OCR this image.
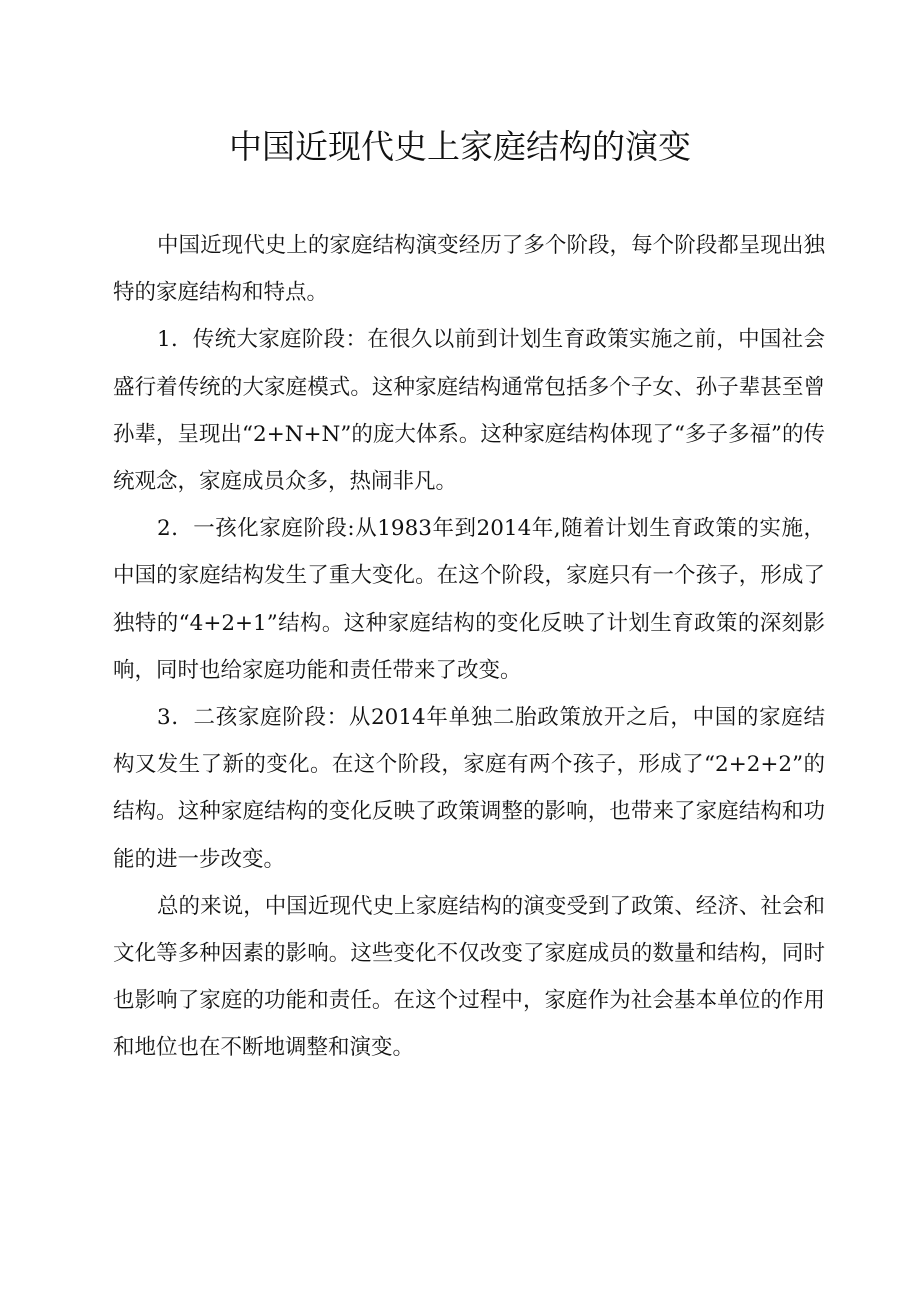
中国近现代史上家庭结构的演变

中国近现代史上的家庭结构演变经历了多个阶段，每个阶段都呈现出独特的家庭结构和特点。

1．传统大家庭阶段：在很久以前到计划生育政策实施之前，中国社会盛行着传统的大家庭模式。这种家庭结构通常包括多个子女、孙子辈甚至曾孙辈，呈现出“2+N+N”的庞大体系。这种家庭结构体现了“多子多福”的传统观念，家庭成员众多，热闹非凡。

2．一孩化家庭阶段:从1983年到2014年,随着计划生育政策的实施，中国的家庭结构发生了重大变化。在这个阶段，家庭只有一个孩子，形成了独特的“4+2+1”结构。这种家庭结构的变化反映了计划生育政策的深刻影响，同时也给家庭功能和责任带来了改变。

3．二孩家庭阶段：从2014年单独二胎政策放开之后，中国的家庭结构又发生了新的变化。在这个阶段，家庭有两个孩子，形成了“2+2+2”的结构。这种家庭结构的变化反映了政策调整的影响，也带来了家庭结构和功能的进一步改变。

总的来说，中国近现代史上家庭结构的演变受到了政策、经济、社会和文化等多种因素的影响。这些变化不仅改变了家庭成员的数量和结构，同时也影响了家庭的功能和责任。在这个过程中，家庭作为社会基本单位的作用和地位也在不断地调整和演变。
